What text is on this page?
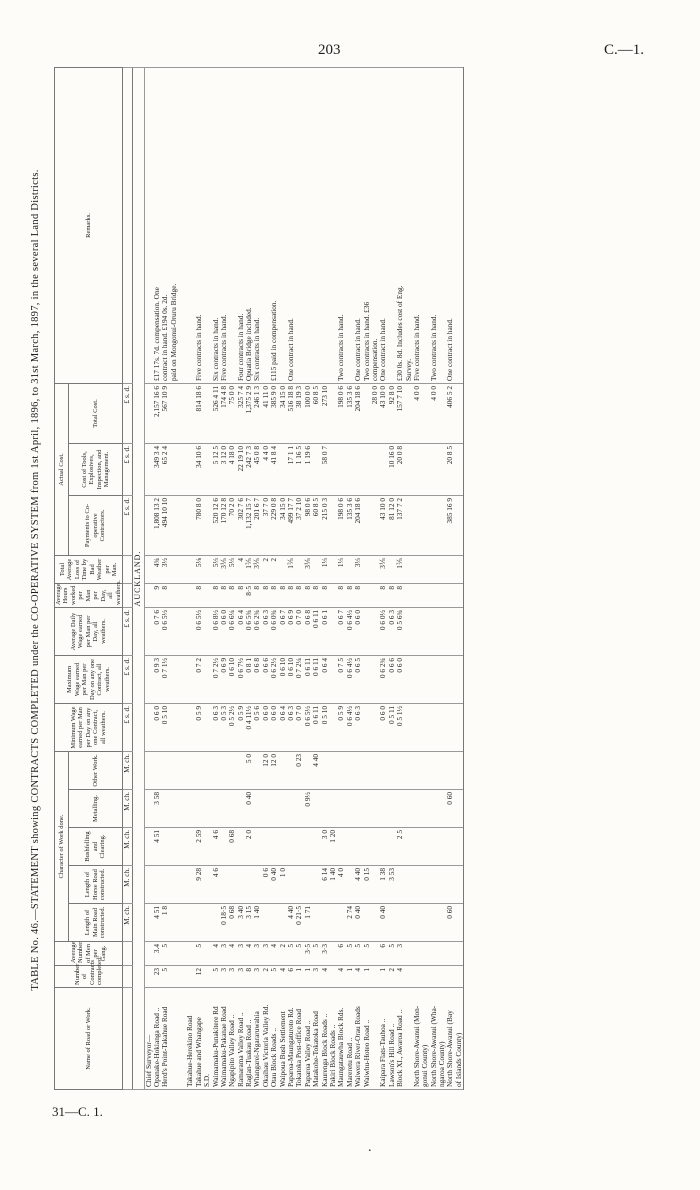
203	C.—1.
TABLE No. 46.—STATEMENT showing CONTRACTS COMPLETED under the CO-OPERATIVE SYSTEM from 1st April, 1896, to 31st March, 1897, in the several Land Districts.
Name of Road or Work.	Number of Contracts completed.	Average Number of Men per Gang.	Character of Work done.					Minimum Wage earned per Man per Day on any one Contract, all weathers.	Maximum Wage earned per Man per Day on any one Contract, all weathers.	Average Daily Wage earned per Man per Day, all weathers.	Average Hours worked per Man per Day, all weathers.	Total Average Loss of Time by Bad Weather per Man.	Actual Cost.			Remarks.
			Length of Main Road constructed.	Length of Horse Road constructed.	Bushfelling and Clearing.	Metalling.	Other Work.						Payments to Co-operative Contractors.	Cost of Tools, Explosives, Inspection, and Management.	Total Cost.	

			M. ch.	M. ch.	M. ch.	M. ch.	M. ch.	£ s. d.	£ s. d.	£ s. d.			£ s. d.	£ s. d.	£ s. d.	
AUCKLAND.																
Chief Surveyor—																
Opanake-Hokianga Road ..	23	3.4	4 51		4 51	3 58		0 6 0	0 9 3	0 7 6	9	4¾	1,808 13 2	349 3 4	2,157 16 6	£17 17s. 7d. compensation. One
Herd's Point-Takahue Road	5	5	1 8					0 5 10	0 7 1½	0 6 5½	8	3½	494 10 10	65 2 4	567 10 9	contract in hand. £194 0s. 2d.
																paid on Mongonui-Oruru Bridge.

Takahue-Herekino Road																
Takahue and Whangape	12	5		9 28	2 59			0 5 9	0 7 2	0 6 5½	8	5⅛	780 8 0	34 10 6	814 18 6	Five contracts in hand.
S.D.																
Waimamaku-Punakitere Rd	5	4		4 6	4 6			0 6 3	0 7 2½	0 6 8½	8	5⅓	520 12 6	5 12 5	526 4 11	Six contracts in hand.
Waimamaku-Pakanae Road	3	3	0 18·5					0 5 3	0 6 9	0 6 0	8	3⅕	170 12 8	3 12 0	174 4 8	Five contracts in hand.
Ngapipito Valley Road ..	3	4	0 68		0 68			0 5 2½	0 6 10	0 6 6¼	8	5⅓	70 2 0	4 18 0	75 0 0	
Ramarama Valley Road ..	3	3	3 40					0 5 9	0 6 7½	0 6 4	8	4	302 7 6	22 19 10	325 7 4	Four contracts in hand.
Raglan-Tuakau Road ..	8	4	3 15		2 0	0 40	5 0	0 4 11½	0 8 1	0 6 5¾	8·5	1⅖	1,132 15 7	242 7 3	1,375 2 9	Opuatia Bridge included.
Whangarei-Ngararuwahia	3	3	1 40					0 5 6	0 6 8	0 6 2¾	8	3⅕	201 6 7	45 0 8	246 1 3	Six contracts in hand.
Okaihau Victoria Valley Rd.	2	3		0 6			12 0	0 6 0	0 6 6	0 6 3	8	2	37 7 0	4 4 0	41 11 0	
Otau Block Roads ..	5	4		0 40			12 0	0 6 0	0 6 2½	0 6 0¾	8	2	229 0 8	41 8 4	385 9 0	£115 paid in compensation.
Waipoua Bush Settlement	4	2		1 0				0 6 4	0 6 10	0 6 7	8		34 15 0		34 15 0	
Paparoa-Maungaturoto Rd.	6	5	4 40					0 6 3	0 6 10	0 6 9	8	1⅖	499 17 7	17 1 1	516 18 8	One contract in hand.
Tokatoka Post-office Road	1	5	0 21·5				0 23	0 7 0	0 7 2¼	0 7 0	8		37 2 10	1 16 5	38 19 3	
Paparoa Valley Road ..	1	3·5	1 71			0 9½		0 6 5½	0 6 11	0 6 8	8	3⅕	98 0 6	1 19 6	100 0 0	
Matakohe-Tokatoka Road	3	5					4 40	0 6 11	0 6 11	0 6 11	8		60 8 5		60 8 5	
Kaurenga Block Roads ..	4	3·3		6 14	3 0			0 5 10	0 6 4	0 6 1	8	1⅓	215 0 3	58 0 7	273 10	
Pakiri Block Roads ..				1 40	1 20											
Maungatauwha Block Rds.	4	6		4 0				0 5 9	0 7 5	0 6 7	8	1⅓	198 0 6		198 0 6	Two contracts in hand.
Mareretu Road ..	1	5	2 74					0 6 4½	0 6 4½	0 6 4½	8		135 3 6		135 3 6	
Waiwera River-Orau Roads	4	5	0 40	4 40				0 6 3	0 6 5	0 6 0	8	3⅓	204 18 6		204 18 6	One contract in hand.
Waiwhu-Hoteo Road ..	1	5		0 15												Two contracts in hand. £36
															28 0 0	compensation.
Kaipara Flats-Tauhoa ..	1	6	0 40	1 38				0 6 0	0 6 2¾	0 6 0½	8	3⅕	43 10 0		43 10 0	One contract in hand.
Lawson's Hill Road ..	2	5		3 53				0 5 11	0 6 6	0 6 3	8		81 12 0	10 16 0	92 8 0	
Block XI., Awaroa Road ..	4	3			2 5			0 5 1½	0 6 0	0 5 6¾	8	1⅖	137 7 2	20 0 8	157 7 10	£30 0s. 8d. Includes cost of Eng.
																Survey.
North Shore-Awanui (Mon-															4 0 0	Five contracts in hand.
gonui County)																
North Shore-Awanui (Wha-															4 0 0	Two contracts in hand.
ngaroa County)																
North Shore-Awanui (Bay			0 60			0 60							385 16 9	20 8 5	406 5 2	One contract in hand.
of Islands County)																
31—C. 1.
.
